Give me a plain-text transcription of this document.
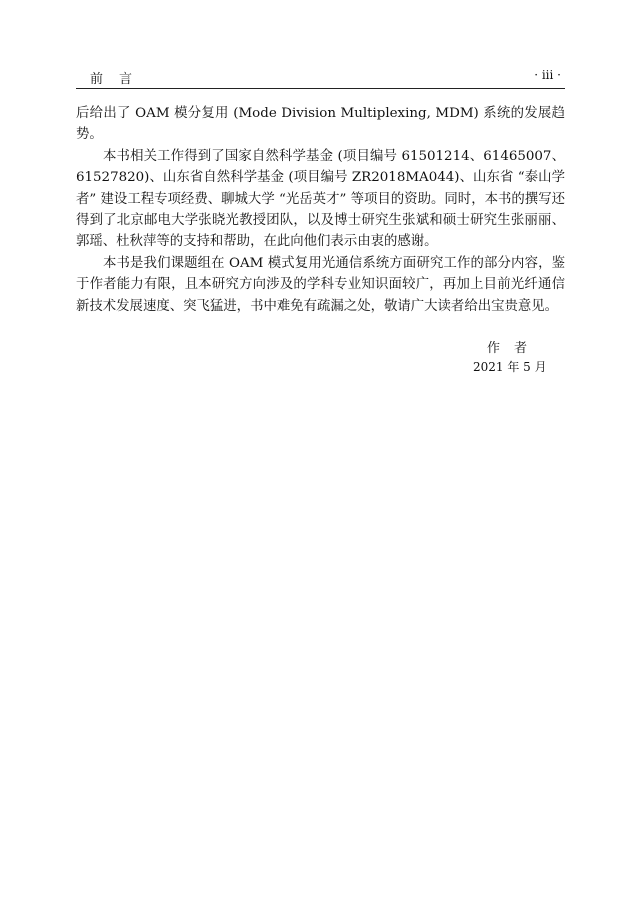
前言	· iii ·

后给出了 OAM 模分复用 (Mode Division Multiplexing, MDM) 系统的发展趋势。

本书相关工作得到了国家自然科学基金 (项目编号 61501214、61465007、61527820)、山东省自然科学基金 (项目编号 ZR2018MA044)、山东省 “泰山学者” 建设工程专项经费、聊城大学 “光岳英才” 等项目的资助。同时，本书的撰写还得到了北京邮电大学张晓光教授团队，以及博士研究生张斌和硕士研究生张丽丽、郭瑶、杜秋萍等的支持和帮助，在此向他们表示由衷的感谢。

本书是我们课题组在 OAM 模式复用光通信系统方面研究工作的部分内容，鉴于作者能力有限，且本研究方向涉及的学科专业知识面较广，再加上目前光纤通信新技术发展速度、突飞猛进，书中难免有疏漏之处，敬请广大读者给出宝贵意见。

作者
2021 年 5 月
